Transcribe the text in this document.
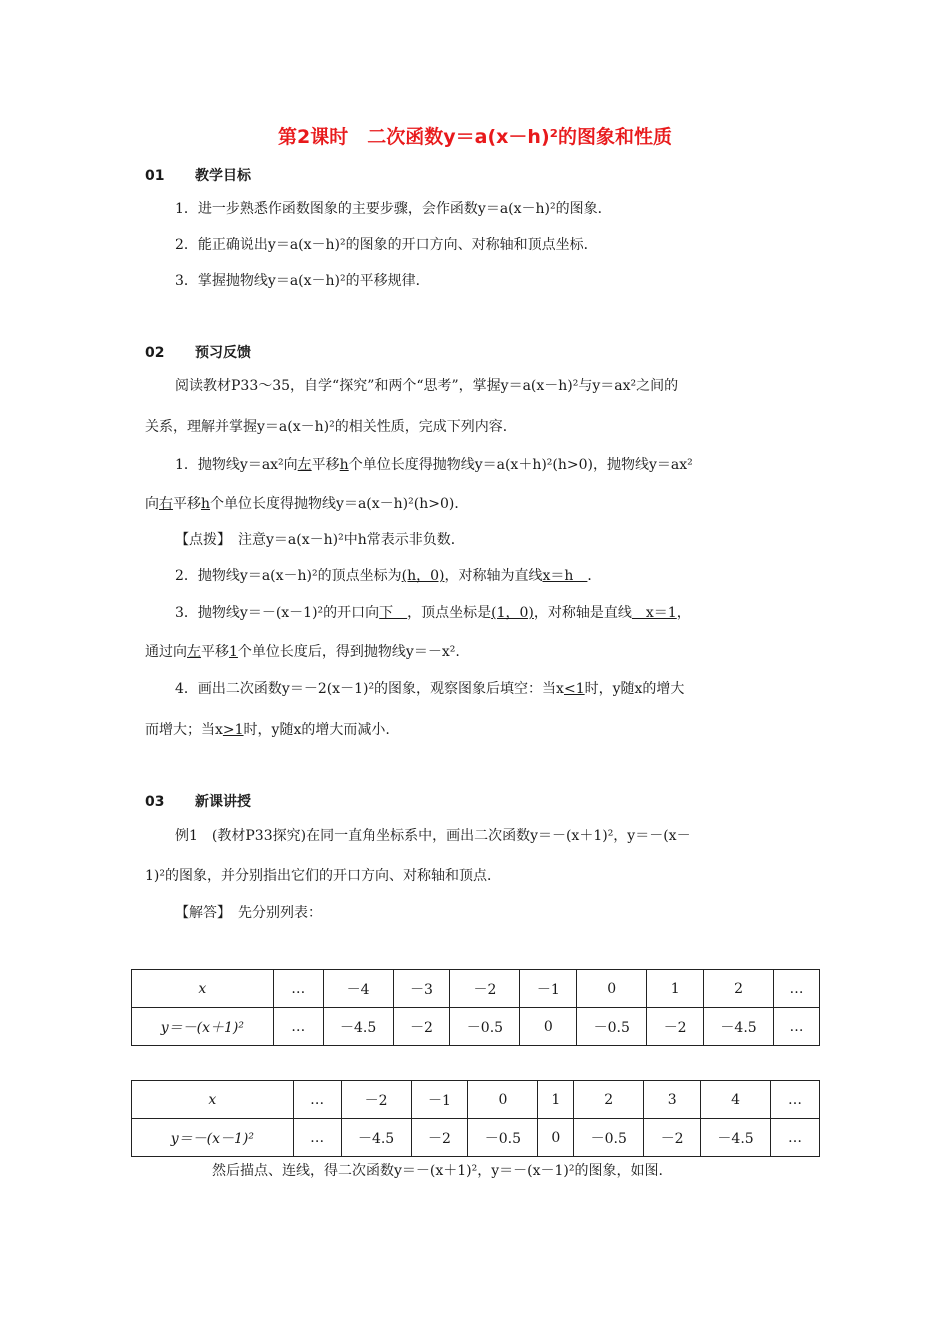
第2课时　二次函数y＝a(x－h)²的图象和性质
01 教学目标
1．进一步熟悉作函数图象的主要步骤，会作函数y＝a(x－h)²的图象．
2．能正确说出y＝a(x－h)²的图象的开口方向、对称轴和顶点坐标．
3．掌握抛物线y＝a(x－h)²的平移规律．
02 预习反馈
阅读教材P33～35，自学“探究”和两个“思考”，掌握y＝a(x－h)²与y＝ax²之间的
关系，理解并掌握y＝a(x－h)²的相关性质，完成下列内容．
1．抛物线y＝ax²向左平移h个单位长度得抛物线y＝a(x＋h)²(h>0)，抛物线y＝ax²
向右平移h个单位长度得抛物线y＝a(x－h)²(h>0)．
【点拨】　注意y＝a(x－h)²中h常表示非负数．
2．抛物线y＝a(x－h)²的顶点坐标为(h，0)，对称轴为直线x＝h　．
3．抛物线y＝－(x－1)²的开口向下　，顶点坐标是(1，0)，对称轴是直线　x＝1，
通过向左平移1个单位长度后，得到抛物线y＝－x².
4．画出二次函数y＝－2(x－1)²的图象，观察图象后填空：当x<1时，y随x的增大
而增大；当x>1时，y随x的增大而减小.
03 新课讲授
例1　(教材P33探究)在同一直角坐标系中，画出二次函数y＝－(x＋1)²，y＝－(x－
1)²的图象，并分别指出它们的开口方向、对称轴和顶点．
【解答】　先分别列表：
x	…	－4	－3	－2	－1	0	1	2	…
y＝－(x＋1)²	…	－4.5	－2	－0.5	0	－0.5	－2	－4.5	…
x	…	－2	－1	0	1	2	3	4	…
y＝－(x－1)²	…	－4.5	－2	－0.5	0	－0.5	－2	－4.5	…
然后描点、连线，得二次函数y＝－(x＋1)²，y＝－(x－1)²的图象，如图.
